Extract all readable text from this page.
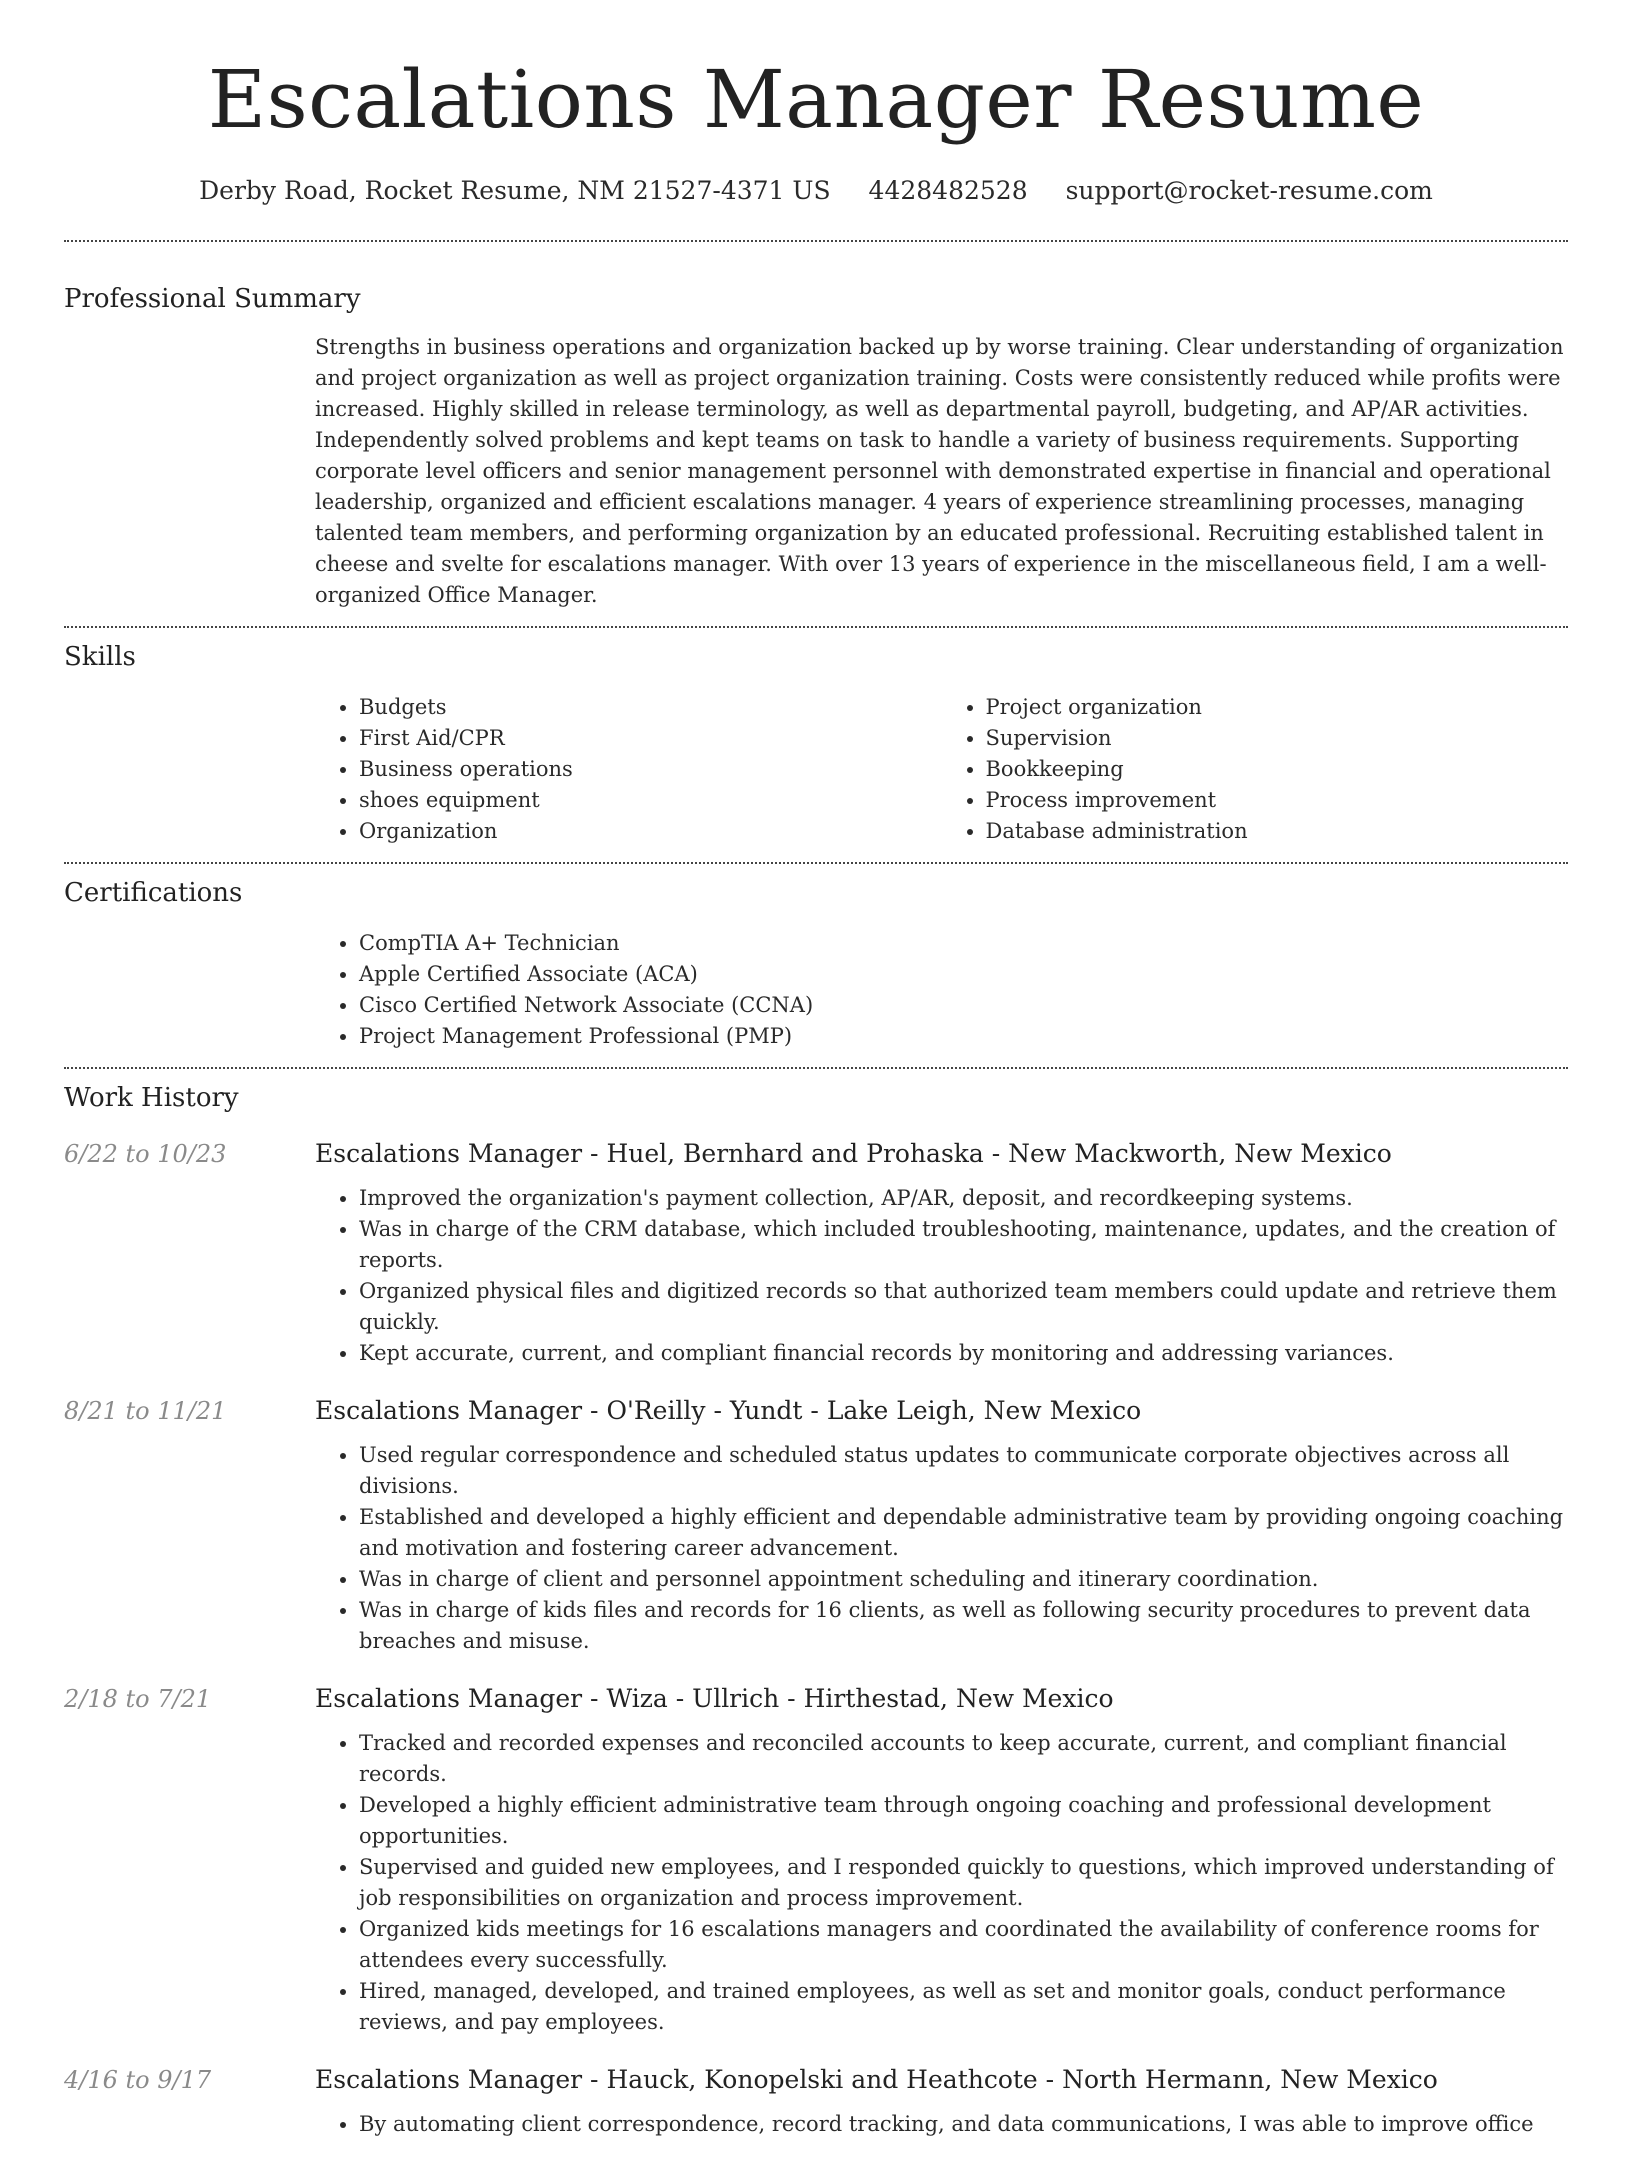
Escalations Manager Resume
Derby Road, Rocket Resume, NM 21527-4371 US 4428482528 support@rocket-resume.com
Professional Summary

Strengths in business operations and organization backed up by worse training. Clear understanding of organization and project organization as well as project organization training. Costs were consistently reduced while profits were increased. Highly skilled in release terminology, as well as departmental payroll, budgeting, and AP/AR activities. Independently solved problems and kept teams on task to handle a variety of business requirements. Supporting corporate level officers and senior management personnel with demonstrated expertise in financial and operational leadership, organized and efficient escalations manager. 4 years of experience streamlining processes, managing talented team members, and performing organization by an educated professional. Recruiting established talent in cheese and svelte for escalations manager. With over 13 years of experience in the miscellaneous field, I am a well-organized Office Manager.

Skills
• Budgets
• First Aid/CPR
• Business operations
• shoes equipment
• Organization
• Project organization
• Supervision
• Bookkeeping
• Process improvement
• Database administration
Certifications
• CompTIA A+ Technician
• Apple Certified Associate (ACA)
• Cisco Certified Network Associate (CCNA)
• Project Management Professional (PMP)
Work History
6/22 to 10/23	Escalations Manager - Huel, Bernhard and Prohaska - New Mackworth, New Mexico
• Improved the organization's payment collection, AP/AR, deposit, and recordkeeping systems.
• Was in charge of the CRM database, which included troubleshooting, maintenance, updates, and the creation of reports.
• Organized physical files and digitized records so that authorized team members could update and retrieve them quickly.
• Kept accurate, current, and compliant financial records by monitoring and addressing variances.
8/21 to 11/21	Escalations Manager - O'Reilly - Yundt - Lake Leigh, New Mexico
• Used regular correspondence and scheduled status updates to communicate corporate objectives across all divisions.
• Established and developed a highly efficient and dependable administrative team by providing ongoing coaching and motivation and fostering career advancement.
• Was in charge of client and personnel appointment scheduling and itinerary coordination.
• Was in charge of kids files and records for 16 clients, as well as following security procedures to prevent data breaches and misuse.
2/18 to 7/21	Escalations Manager - Wiza - Ullrich - Hirthestad, New Mexico
• Tracked and recorded expenses and reconciled accounts to keep accurate, current, and compliant financial records.
• Developed a highly efficient administrative team through ongoing coaching and professional development opportunities.
• Supervised and guided new employees, and I responded quickly to questions, which improved understanding of job responsibilities on organization and process improvement.
• Organized kids meetings for 16 escalations managers and coordinated the availability of conference rooms for attendees every successfully.
• Hired, managed, developed, and trained employees, as well as set and monitor goals, conduct performance reviews, and pay employees.
4/16 to 9/17	Escalations Manager - Hauck, Konopelski and Heathcote - North Hermann, New Mexico
• By automating client correspondence, record tracking, and data communications, I was able to improve office
